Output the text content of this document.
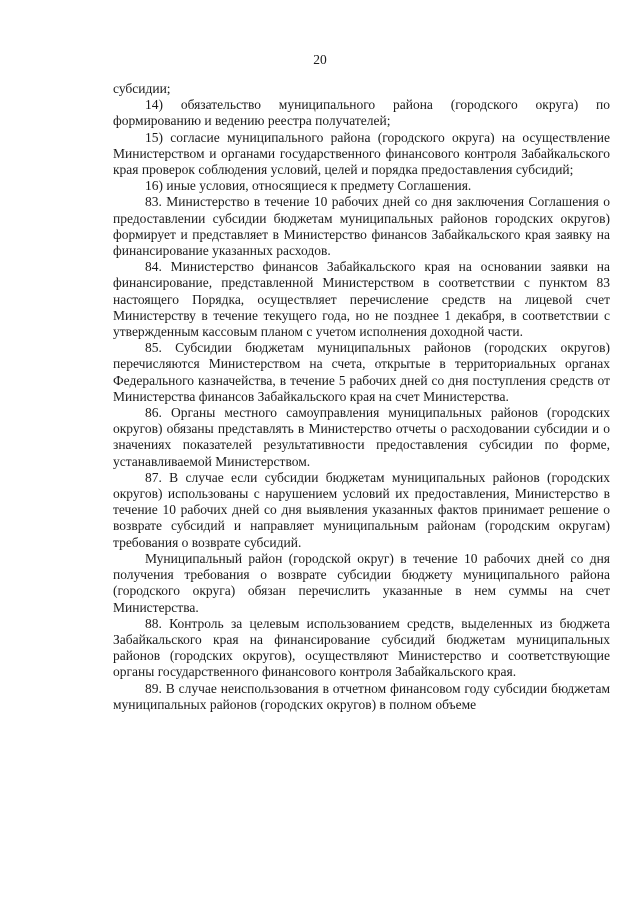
20

субсидии;

14) обязательство муниципального района (городского округа) по формированию и ведению реестра получателей;

15) согласие муниципального района (городского округа) на осуществление Министерством и органами государственного финансового контроля Забайкальского края проверок соблюдения условий, целей и порядка предоставления субсидий;

16) иные условия, относящиеся к предмету Соглашения.

83. Министерство в течение 10 рабочих дней со дня заключения Соглашения о предоставлении субсидии бюджетам муниципальных районов городских округов) формирует и представляет в Министерство финансов Забайкальского края заявку на финансирование указанных расходов.

84. Министерство финансов Забайкальского края на основании заявки на финансирование, представленной Министерством в соответствии с пунктом 83 настоящего Порядка, осуществляет перечисление средств на лицевой счет Министерству в течение текущего года, но не позднее 1 декабря, в соответствии с утвержденным кассовым планом с учетом исполнения доходной части.

85. Субсидии бюджетам муниципальных районов (городских округов) перечисляются Министерством на счета, открытые в территориальных органах Федерального казначейства, в течение 5 рабочих дней со дня поступления средств от Министерства финансов Забайкальского края на счет Министерства.

86. Органы местного самоуправления муниципальных районов (городских округов) обязаны представлять в Министерство отчеты о расходовании субсидии и о значениях показателей результативности предоставления субсидии по форме, устанавливаемой Министерством.

87. В случае если субсидии бюджетам муниципальных районов (городских округов) использованы с нарушением условий их предоставления, Министерство в течение 10 рабочих дней со дня выявления указанных фактов принимает решение о возврате субсидий и направляет муниципальным районам (городским округам) требования о возврате субсидий.

Муниципальный район (городской округ) в течение 10 рабочих дней со дня получения требования о возврате субсидии бюджету муниципального района (городского округа) обязан перечислить указанные в нем суммы на счет Министерства.

88. Контроль за целевым использованием средств, выделенных из бюджета Забайкальского края на финансирование субсидий бюджетам муниципальных районов (городских округов), осуществляют Министерство и соответствующие органы государственного финансового контроля Забайкальского края.

89. В случае неиспользования в отчетном финансовом году субсидии бюджетам муниципальных районов (городских округов) в полном объеме
